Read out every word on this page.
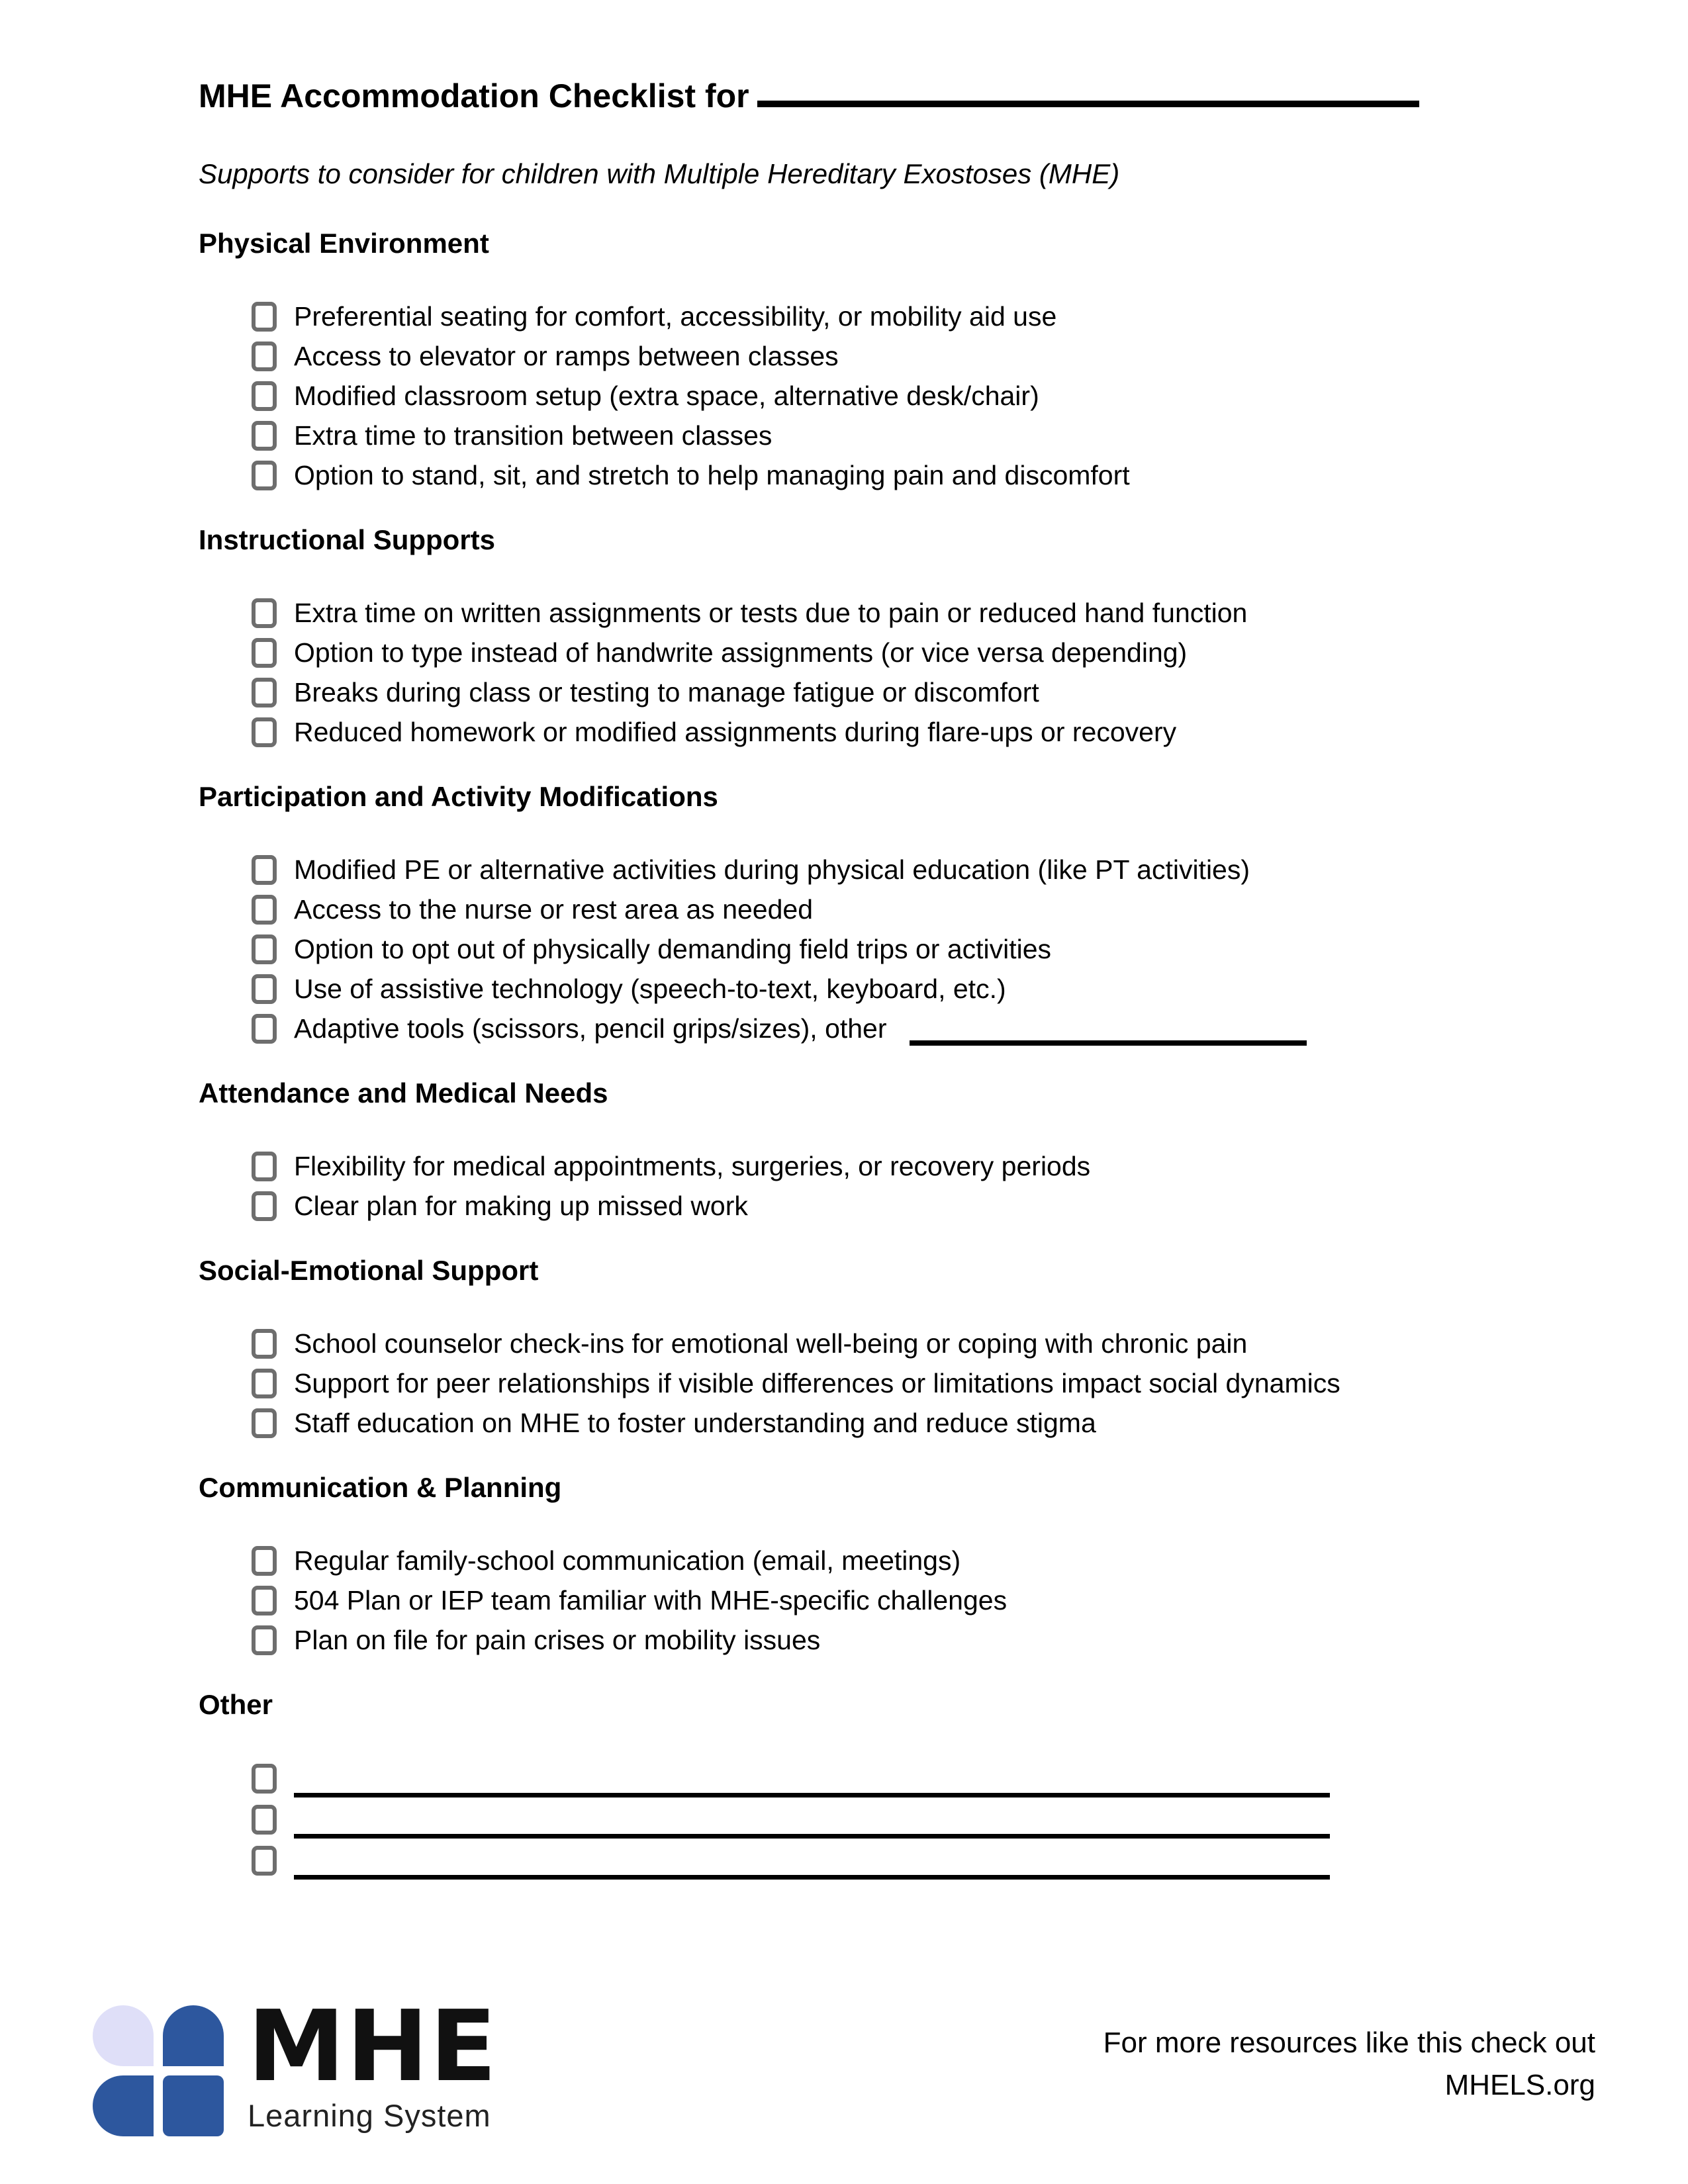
MHE Accommodation Checklist for

Supports to consider for children with Multiple Hereditary Exostoses (MHE)

Physical Environment
Preferential seating for comfort, accessibility, or mobility aid use
Access to elevator or ramps between classes
Modified classroom setup (extra space, alternative desk/chair)
Extra time to transition between classes
Option to stand, sit, and stretch to help managing pain and discomfort
Instructional Supports
Extra time on written assignments or tests due to pain or reduced hand function
Option to type instead of handwrite assignments (or vice versa depending)
Breaks during class or testing to manage fatigue or discomfort
Reduced homework or modified assignments during flare-ups or recovery
Participation and Activity Modifications
Modified PE or alternative activities during physical education (like PT activities)
Access to the nurse or rest area as needed
Option to opt out of physically demanding field trips or activities
Use of assistive technology (speech-to-text, keyboard, etc.)
Adaptive tools (scissors, pencil grips/sizes), other
Attendance and Medical Needs
Flexibility for medical appointments, surgeries, or recovery periods
Clear plan for making up missed work
Social-Emotional Support
School counselor check-ins for emotional well-being or coping with chronic pain
Support for peer relationships if visible differences or limitations impact social dynamics
Staff education on MHE to foster understanding and reduce stigma
Communication & Planning
Regular family-school communication (email, meetings)
504 Plan or IEP team familiar with MHE-specific challenges
Plan on file for pain crises or mobility issues
Other
MHE
Learning System
For more resources like this check out
MHELS.org
